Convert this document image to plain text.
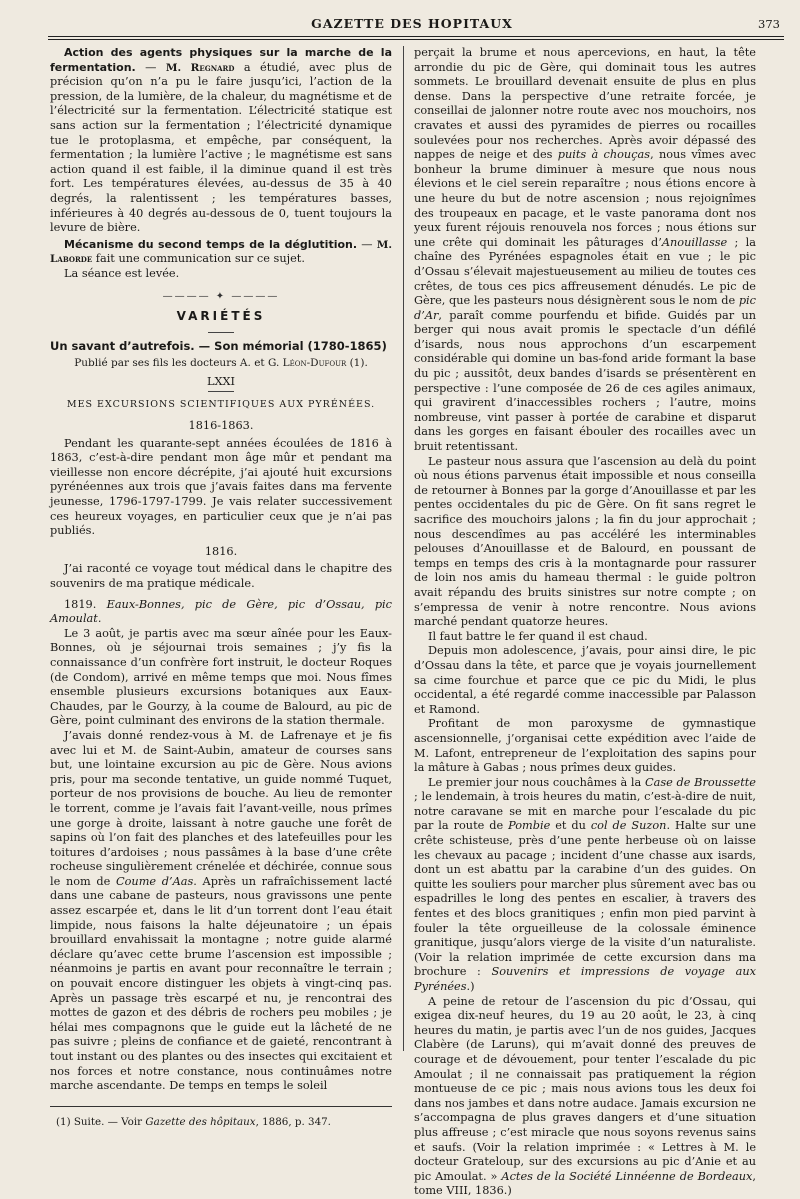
GAZETTE DES HOPITAUX	373

Action des agents physiques sur la marche de la fermentation. — M. Regnard a étudié, avec plus de précision qu’on n’a pu le faire jusqu’ici, l’action de la pression, de la lumière, de la chaleur, du magnétisme et de l’électricité sur la fermentation. L’électricité statique est sans action sur la fermentation ; l’électricité dynamique tue le protoplasma, et empêche, par conséquent, la fermentation ; la lumière l’active ; le magnétisme est sans action quand il est faible, il la diminue quand il est très fort. Les températures élevées, au-dessus de 35 à 40 degrés, la ralentissent ; les températures basses, inférieures à 40 degrés au-dessous de 0, tuent toujours la levure de bière.

Mécanisme du second temps de la déglutition. — M. Laborde fait une communication sur ce sujet.

La séance est levée.

———— ✦ ————
VARIÉTÉS

Un savant d’autrefois. — Son mémorial (1780-1865)

Publié par ses fils les docteurs A. et G. Léon-Dufour (1).

LXXI

MES EXCURSIONS SCIENTIFIQUES AUX PYRÉNÉES.

1816-1863.

Pendant les quarante-sept années écoulées de 1816 à 1863, c’est-à-dire pendant mon âge mûr et pendant ma vieillesse non encore décrépite, j’ai ajouté huit excursions pyrénéennes aux trois que j’avais faites dans ma fervente jeunesse, 1796-1797-1799. Je vais relater successivement ces heureux voyages, en particulier ceux que je n’ai pas publiés.

1816.

J’ai raconté ce voyage tout médical dans le chapitre des souvenirs de ma pratique médicale.

1819. Eaux-Bonnes, pic de Gère, pic d’Ossau, pic Amoulat.

Le 3 août, je partis avec ma sœur aînée pour les Eaux-Bonnes, où je séjournai trois semaines ; j’y fis la connaissance d’un confrère fort instruit, le docteur Roques (de Condom), arrivé en même temps que moi. Nous fîmes ensemble plusieurs excursions botaniques aux Eaux-Chaudes, par le Gourzy, à la coume de Balourd, au pic de Gère, point culminant des environs de la station thermale.

J’avais donné rendez-vous à M. de Lafrenaye et je fis avec lui et M. de Saint-Aubin, amateur de courses sans but, une lointaine excursion au pic de Gère. Nous avions pris, pour ma seconde tentative, un guide nommé Tuquet, porteur de nos provisions de bouche. Au lieu de remonter le torrent, comme je l’avais fait l’avant-veille, nous prîmes une gorge à droite, laissant à notre gauche une forêt de sapins où l’on fait des planches et des latefeuilles pour les toitures d’ardoises ; nous passâmes à la base d’une crête rocheuse singulièrement crénelée et déchirée, connue sous le nom de Coume d’Aas. Après un rafraîchissement lacté dans une cabane de pasteurs, nous gravissons une pente assez escarpée et, dans le lit d’un torrent dont l’eau était limpide, nous faisons la halte déjeunatoire ; un épais brouillard envahissait la montagne ; notre guide alarmé déclare qu’avec cette brume l’ascension est impossible ; néanmoins je partis en avant pour reconnaître le terrain ; on pouvait encore distinguer les objets à vingt-cinq pas. Après un passage très escarpé et nu, je rencontrai des mottes de gazon et des débris de rochers peu mobiles ; je hélai mes compagnons que le guide eut la lâcheté de ne pas suivre ; pleins de confiance et de gaieté, rencontrant à tout instant ou des plantes ou des insectes qui excitaient et nos forces et notre constance, nous continuâmes notre marche ascendante. De temps en temps le soleil

(1) Suite. — Voir Gazette des hôpitaux, 1886, p. 347.

perçait la brume et nous apercevions, en haut, la tête arrondie du pic de Gère, qui dominait tous les autres sommets. Le brouillard devenait ensuite de plus en plus dense. Dans la perspective d’une retraite forcée, je conseillai de jalonner notre route avec nos mouchoirs, nos cravates et aussi des pyramides de pierres ou rocailles soulevées pour nos recherches. Après avoir dépassé des nappes de neige et des puits à chouças, nous vîmes avec bonheur la brume diminuer à mesure que nous nous élevions et le ciel serein reparaître ; nous étions encore à une heure du but de notre ascension ; nous rejoignîmes des troupeaux en pacage, et le vaste panorama dont nos yeux furent réjouis renouvela nos forces ; nous étions sur une crête qui dominait les pâturages d’Anouillasse ; la chaîne des Pyrénées espagnoles était en vue ; le pic d’Ossau s’élevait majestueusement au milieu de toutes ces crêtes, de tous ces pics affreusement dénudés. Le pic de Gère, que les pasteurs nous désignèrent sous le nom de pic d’Ar, paraît comme pourfendu et bifide. Guidés par un berger qui nous avait promis le spectacle d’un défilé d’isards, nous nous approchons d’un escarpement considérable qui domine un bas-fond aride formant la base du pic ; aussitôt, deux bandes d’isards se présentèrent en perspective : l’une composée de 26 de ces agiles animaux, qui gravirent d’inaccessibles rochers ; l’autre, moins nombreuse, vint passer à portée de carabine et disparut dans les gorges en faisant ébouler des rocailles avec un bruit retentissant.

Le pasteur nous assura que l’ascension au delà du point où nous étions parvenus était impossible et nous conseilla de retourner à Bonnes par la gorge d’Anouillasse et par les pentes occidentales du pic de Gère. On fit sans regret le sacrifice des mouchoirs jalons ; la fin du jour approchait ; nous descendîmes au pas accéléré les interminables pelouses d’Anouillasse et de Balourd, en poussant de temps en temps des cris à la montagnarde pour rassurer de loin nos amis du hameau thermal : le guide poltron avait répandu des bruits sinistres sur notre compte ; on s’empressa de venir à notre rencontre. Nous avions marché pendant quatorze heures.

Il faut battre le fer quand il est chaud.

Depuis mon adolescence, j’avais, pour ainsi dire, le pic d’Ossau dans la tête, et parce que je voyais journellement sa cime fourchue et parce que ce pic du Midi, le plus occidental, a été regardé comme inaccessible par Palasson et Ramond.

Profitant de mon paroxysme de gymnastique ascensionnelle, j’organisai cette expédition avec l’aide de M. Lafont, entrepreneur de l’exploitation des sapins pour la mâture à Gabas ; nous prîmes deux guides.

Le premier jour nous couchâmes à la Case de Broussette ; le lendemain, à trois heures du matin, c’est-à-dire de nuit, notre caravane se mit en marche pour l’escalade du pic par la route de Pombie et du col de Suzon. Halte sur une crête schisteuse, près d’une pente herbeuse où on laisse les chevaux au pacage ; incident d’une chasse aux isards, dont un est abattu par la carabine d’un des guides. On quitte les souliers pour marcher plus sûrement avec bas ou espadrilles le long des pentes en escalier, à travers des fentes et des blocs granitiques ; enfin mon pied parvint à fouler la tête orgueilleuse de la colossale éminence granitique, jusqu’alors vierge de la visite d’un naturaliste. (Voir la relation imprimée de cette excursion dans ma brochure : Souvenirs et impressions de voyage aux Pyrénées.)

A peine de retour de l’ascension du pic d’Ossau, qui exigea dix-neuf heures, du 19 au 20 août, le 23, à cinq heures du matin, je partis avec l’un de nos guides, Jacques Clabère (de Laruns), qui m’avait donné des preuves de courage et de dévouement, pour tenter l’escalade du pic Amoulat ; il ne connaissait pas pratiquement la région montueuse de ce pic ; mais nous avions tous les deux foi dans nos jambes et dans notre audace. Jamais excursion ne s’accompagna de plus graves dangers et d’une situation plus affreuse ; c’est miracle que nous soyons revenus sains et saufs. (Voir la relation imprimée : « Lettres à M. le docteur Grateloup, sur des excursions au pic d’Anie et au pic Amoulat. » Actes de la Société Linnéenne de Bordeaux, tome VIII, 1836.)
